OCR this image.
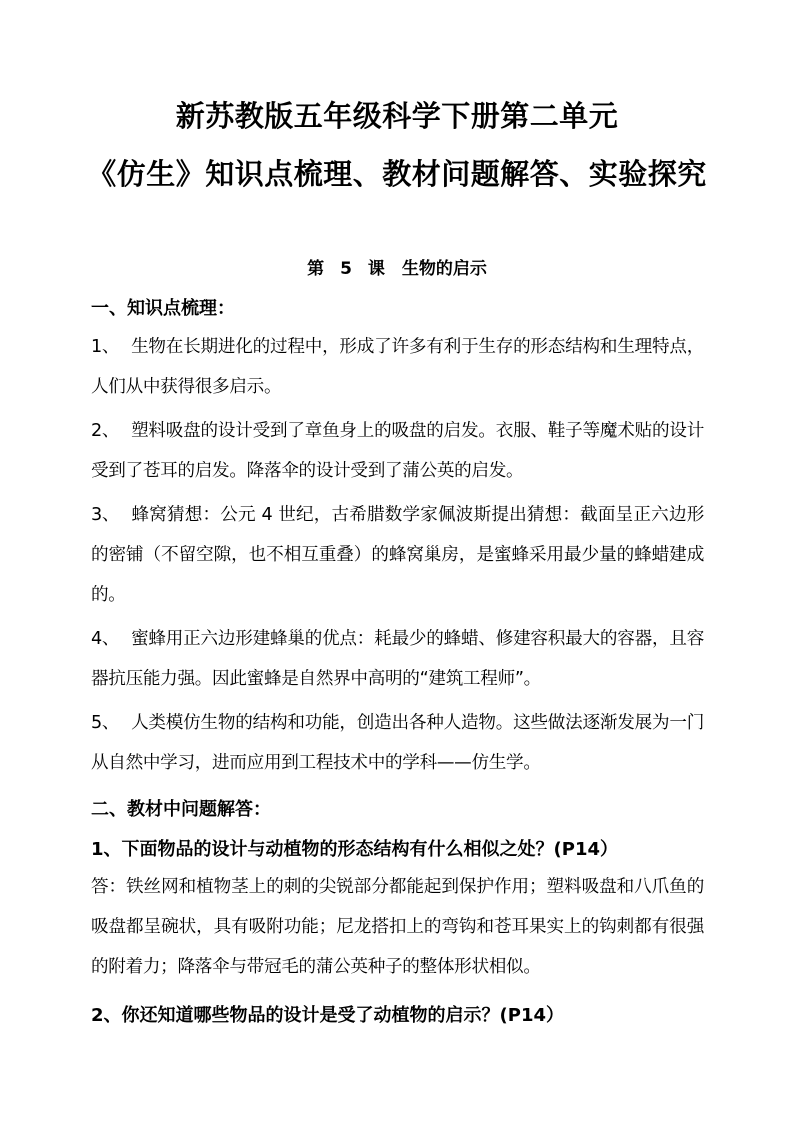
新苏教版五年级科学下册第二单元
《仿生》知识点梳理、教材问题解答、实验探究
第 5 课　生物的启示
一、知识点梳理：
1、 生物在长期进化的过程中，形成了许多有利于生存的形态结构和生理特点，人们从中获得很多启示。
2、 塑料吸盘的设计受到了章鱼身上的吸盘的启发。衣服、鞋子等魔术贴的设计受到了苍耳的启发。降落伞的设计受到了蒲公英的启发。
3、 蜂窝猜想：公元 4 世纪，古希腊数学家佩波斯提出猜想：截面呈正六边形的密铺（不留空隙，也不相互重叠）的蜂窝巢房，是蜜蜂采用最少量的蜂蜡建成的。
4、 蜜蜂用正六边形建蜂巢的优点：耗最少的蜂蜡、修建容积最大的容器，且容器抗压能力强。因此蜜蜂是自然界中高明的“建筑工程师”。
5、 人类模仿生物的结构和功能，创造出各种人造物。这些做法逐渐发展为一门从自然中学习，进而应用到工程技术中的学科——仿生学。
二、教材中问题解答：
1、下面物品的设计与动植物的形态结构有什么相似之处？(P14）
答：铁丝网和植物茎上的刺的尖锐部分都能起到保护作用；塑料吸盘和八爪鱼的吸盘都呈碗状，具有吸附功能；尼龙搭扣上的弯钩和苍耳果实上的钩刺都有很强的附着力；降落伞与带冠毛的蒲公英种子的整体形状相似。
2、你还知道哪些物品的设计是受了动植物的启示？(P14）
